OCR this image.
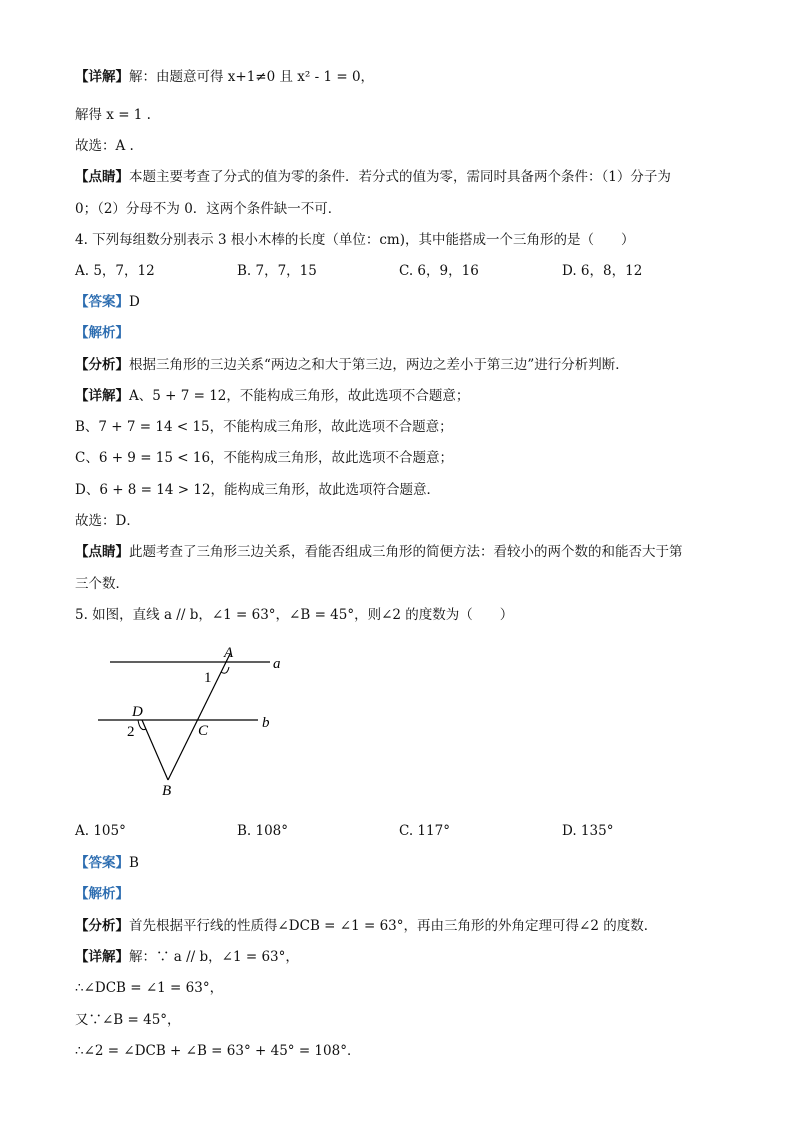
【详解】解：由题意可得 x+1≠0 且 x² - 1 = 0，
解得 x = 1 .
故选：A .
【点睛】本题主要考查了分式的值为零的条件．若分式的值为零，需同时具备两个条件：（1）分子为
0；（2）分母不为 0．这两个条件缺一不可．
4. 下列每组数分别表示 3 根小木棒的长度（单位：cm)，其中能搭成一个三角形的是（　　）
A. 5，7，12	B. 7，7，15	C. 6，9，16	D. 6，8，12
【答案】D
【解析】
【分析】根据三角形的三边关系“两边之和大于第三边，两边之差小于第三边”进行分析判断．
【详解】A、5 + 7 = 12，不能构成三角形，故此选项不合题意；
B、7 + 7 = 14 < 15，不能构成三角形，故此选项不合题意；
C、6 + 9 = 15 < 16，不能构成三角形，故此选项不合题意；
D、6 + 8 = 14 > 12，能构成三角形，故此选项符合题意．
故选：D．
【点睛】此题考查了三角形三边关系，看能否组成三角形的简便方法：看较小的两个数的和能否大于第
三个数．
5. 如图，直线 a // b，∠1 = 63°，∠B = 45°，则∠2 的度数为（　　）
A
a
1
D
b
2	C
B
A. 105°	B. 108°	C. 117°	D. 135°
【答案】B
【解析】
【分析】首先根据平行线的性质得∠DCB = ∠1 = 63°，再由三角形的外角定理可得∠2 的度数．
【详解】解：∵ a // b，∠1 = 63°，
∴∠DCB = ∠1 = 63°，
又∵∠B = 45°，
∴∠2 = ∠DCB + ∠B = 63° + 45° = 108°．
